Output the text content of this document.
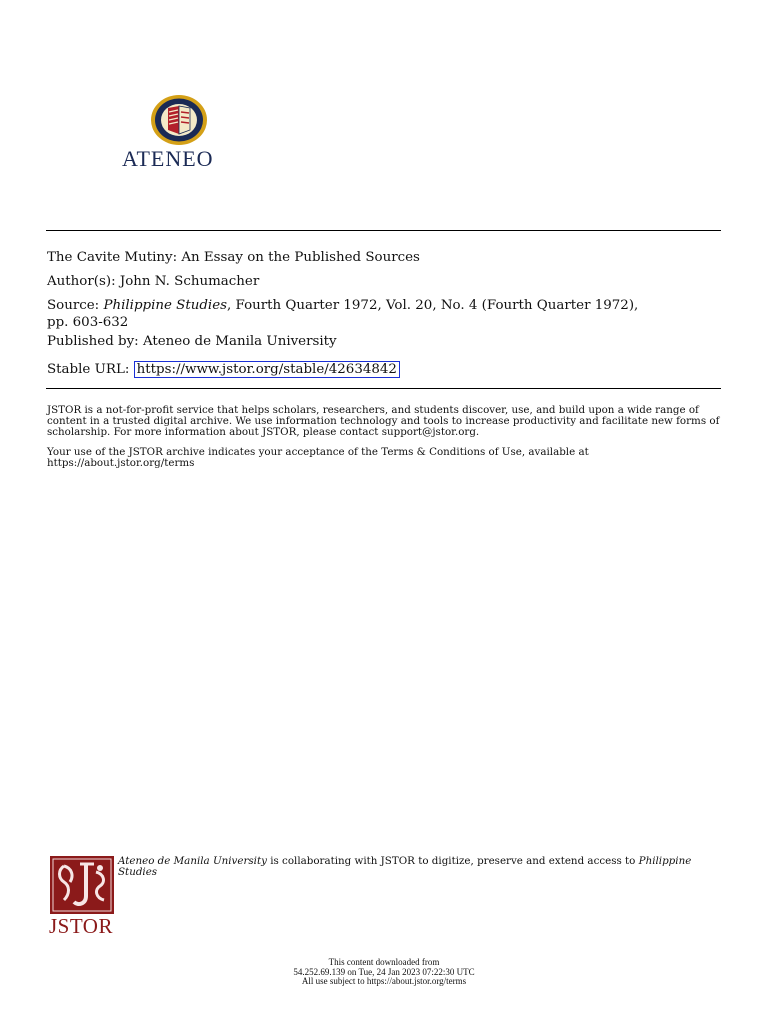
ATENEO
The Cavite Mutiny: An Essay on the Published Sources
Author(s): John N. Schumacher
Source: Philippine Studies, Fourth Quarter 1972, Vol. 20, No. 4 (Fourth Quarter 1972),
pp. 603-632
Published by: Ateneo de Manila University
Stable URL: https://www.jstor.org/stable/42634842

JSTOR is a not-for-profit service that helps scholars, researchers, and students discover, use, and build upon a wide range of content in a trusted digital archive. We use information technology and tools to increase productivity and facilitate new forms of scholarship. For more information about JSTOR, please contact support@jstor.org.

Your use of the JSTOR archive indicates your acceptance of the Terms & Conditions of Use, available at https://about.jstor.org/terms

JSTOR
Ateneo de Manila University is collaborating with JSTOR to digitize, preserve and extend access to Philippine Studies
This content downloaded from
54.252.69.139 on Tue, 24 Jan 2023 07:22:30 UTC
All use subject to https://about.jstor.org/terms
